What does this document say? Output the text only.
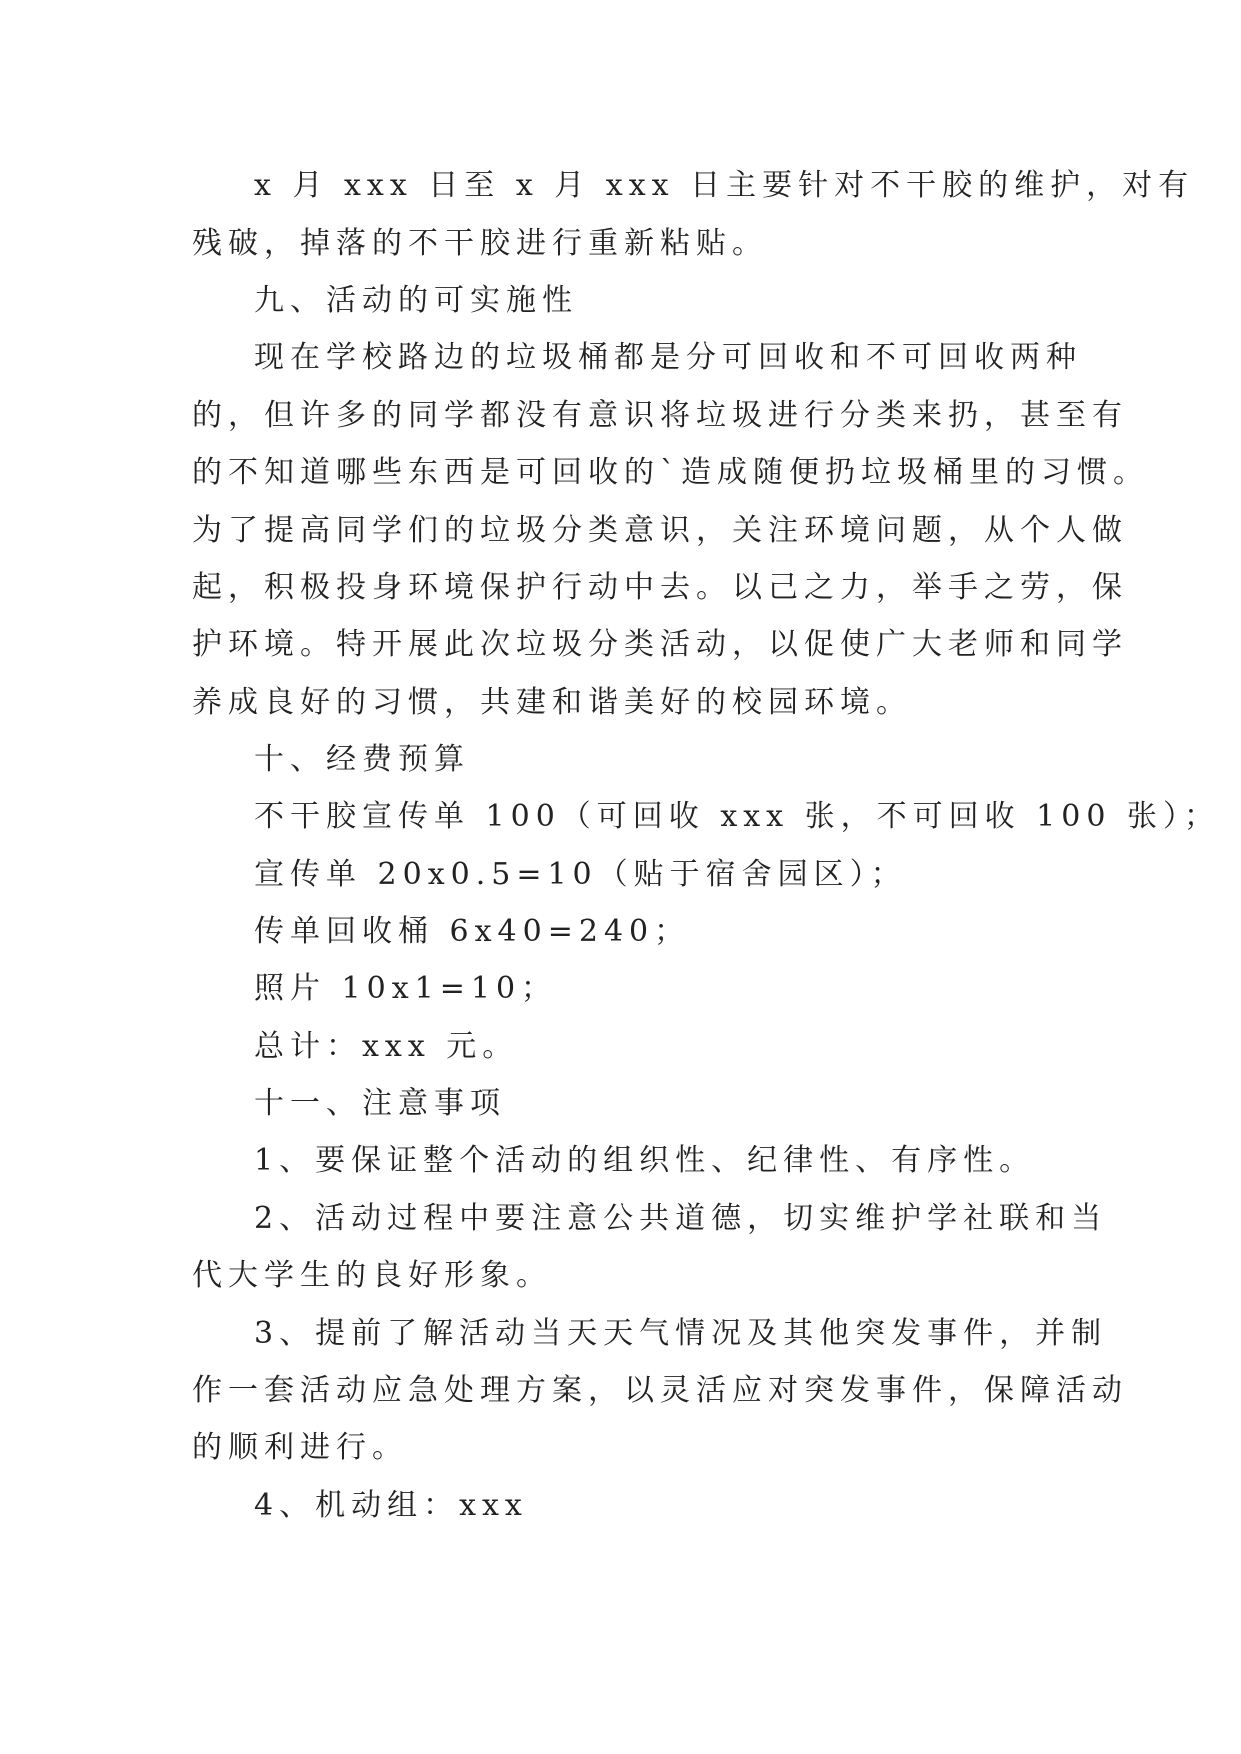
x 月 xxx 日至 x 月 xxx 日主要针对不干胶的维护，对有

残破，掉落的不干胶进行重新粘贴。

九、活动的可实施性

现在学校路边的垃圾桶都是分可回收和不可回收两种

的，但许多的同学都没有意识将垃圾进行分类来扔，甚至有

的不知道哪些东西是可回收的`造成随便扔垃圾桶里的习惯。

为了提高同学们的垃圾分类意识，关注环境问题，从个人做

起，积极投身环境保护行动中去。以己之力，举手之劳，保

护环境。特开展此次垃圾分类活动，以促使广大老师和同学

养成良好的习惯，共建和谐美好的校园环境。

十、经费预算

不干胶宣传单 100（可回收 xxx 张，不可回收 100 张）；

宣传单 20x0.5=10（贴于宿舍园区）；

传单回收桶 6x40=240；

照片 10x1=10；

总计：xxx 元。

十一、注意事项

1、要保证整个活动的组织性、纪律性、有序性。

2、活动过程中要注意公共道德，切实维护学社联和当

代大学生的良好形象。

3、提前了解活动当天天气情况及其他突发事件，并制

作一套活动应急处理方案，以灵活应对突发事件，保障活动

的顺利进行。

4、机动组：xxx
